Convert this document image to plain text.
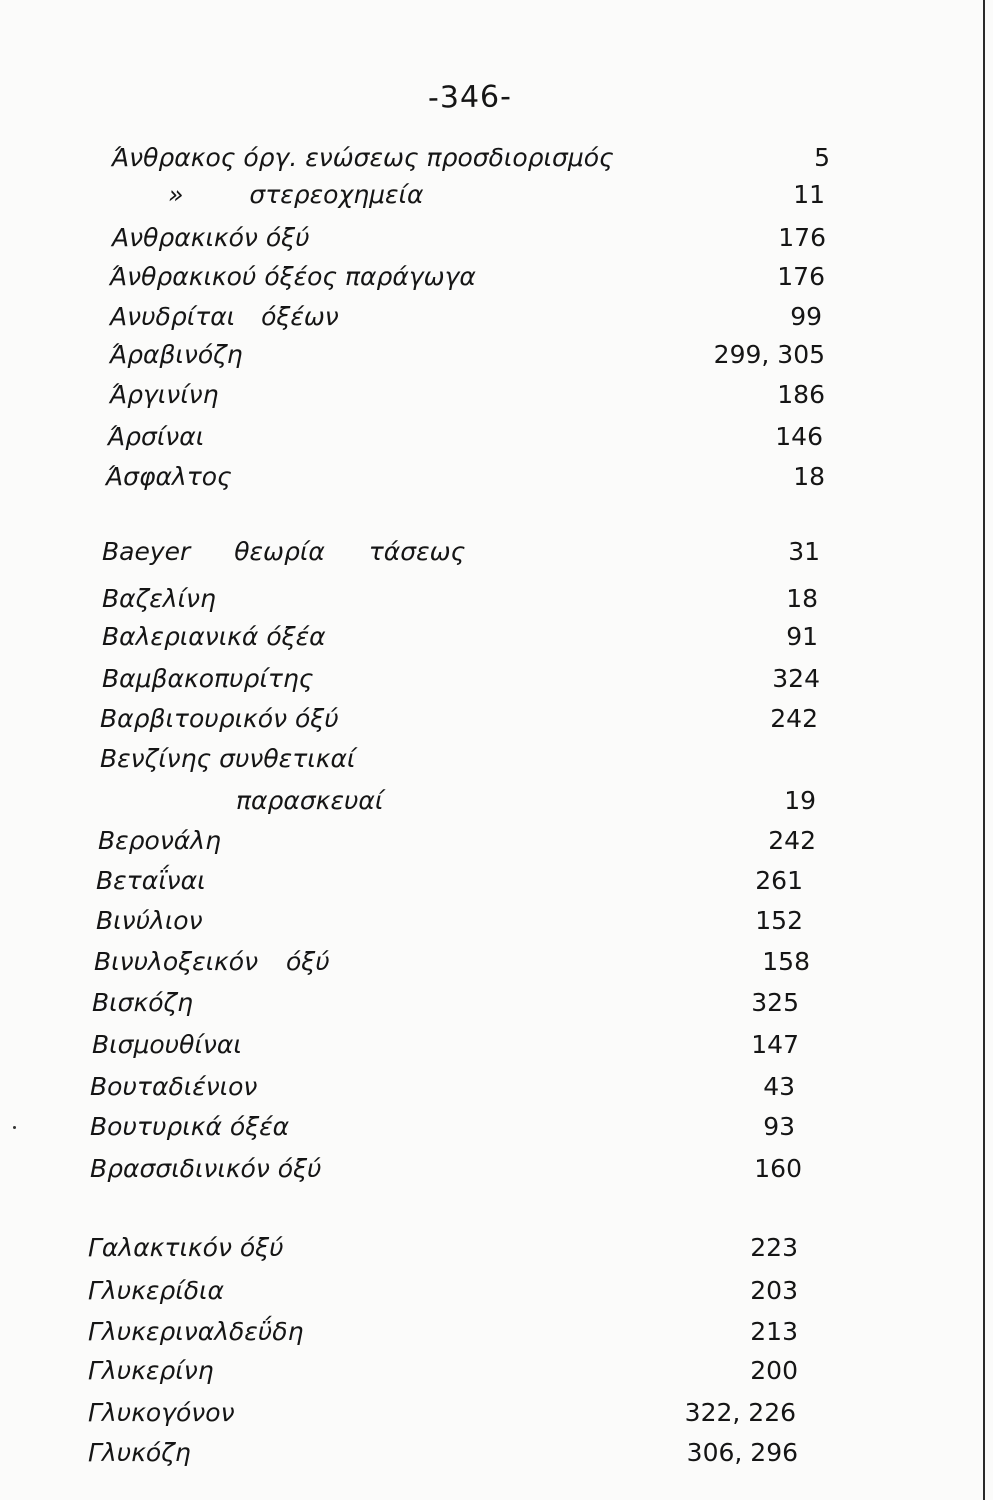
-346-
Άνθρακος όργ. ενώσεως προσδιορισμός	5
» στερεοχημεία	11
Ανθρακικόν όξύ	176
Άνθρακικού όξέος παράγωγα	176
Ανυδρίται όξέων	99
Άραβινόζη	299, 305
Άργινίνη	186
Άρσίναι	146
Άσφαλτος	18
Baeyer θεωρία τάσεως	31
Βαζελίνη	18
Βαλεριανικά όξέα	91
Βαμβακοπυρίτης	324
Βαρβιτουρικόν όξύ	242
Βενζίνης συνθετικαί
παρασκευαί	19
Βερονάλη	242
Βεταΐναι	261
Βινύλιον	152
Βινυλοξεικόν όξύ	158
Βισκόζη	325
Βισμουθίναι	147
Βουταδιένιον	43
Βουτυρικά όξέα	93
Βρασσιδινικόν όξύ	160
Γαλακτικόν όξύ	223
Γλυκερίδια	203
Γλυκεριναλδεΰδη	213
Γλυκερίνη	200
Γλυκογόνον	322, 226
Γλυκόζη	306, 296
